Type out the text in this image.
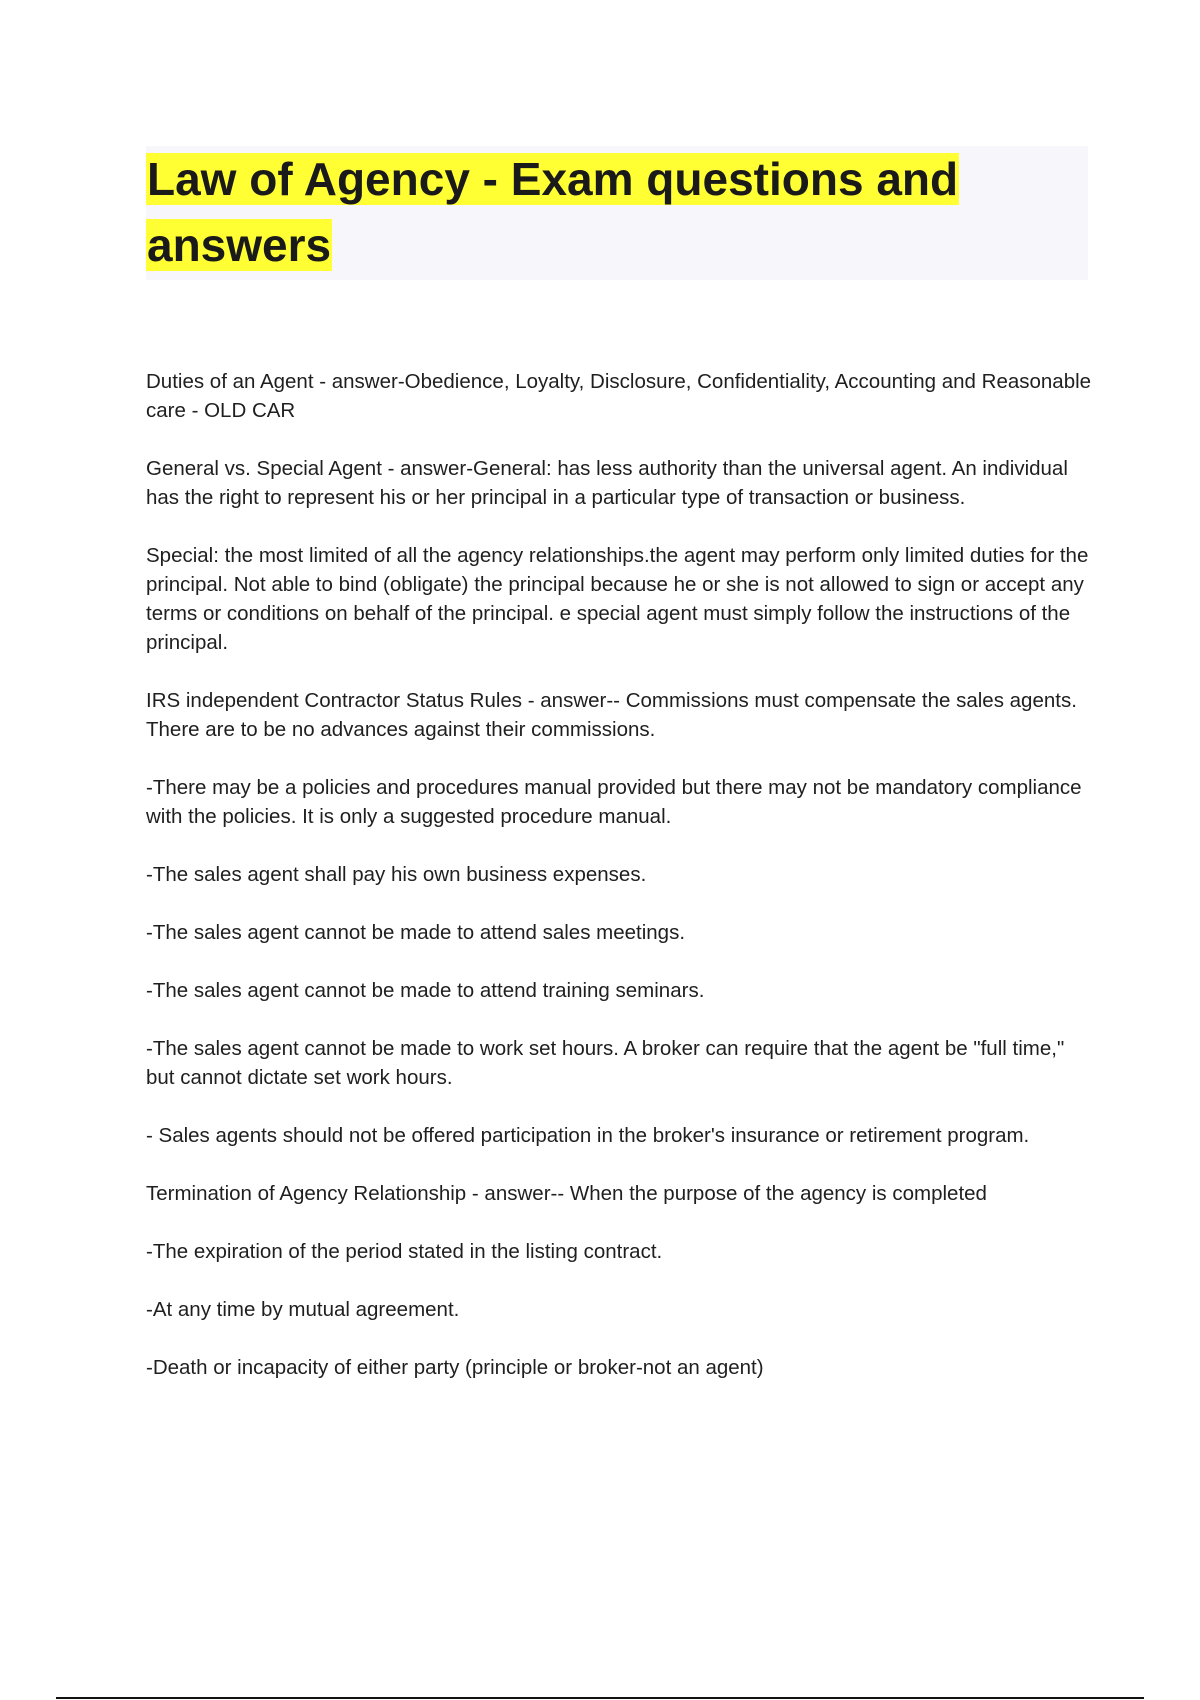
Law of Agency - Exam questions and
answers

Duties of an Agent - answer-Obedience, Loyalty, Disclosure, Confidentiality, Accounting and Reasonable care - OLD CAR

General vs. Special Agent - answer-General: has less authority than the universal agent. An individual has the right to represent his or her principal in a particular type of transaction or business.

Special: the most limited of all the agency relationships.the agent may perform only limited duties for the principal. Not able to bind (obligate) the principal because he or she is not allowed to sign or accept any terms or conditions on behalf of the principal. e special agent must simply follow the instructions of the principal.

IRS independent Contractor Status Rules - answer-- Commissions must compensate the sales agents. There are to be no advances against their commissions.

-There may be a policies and procedures manual provided but there may not be mandatory compliance with the policies. It is only a suggested procedure manual.

-The sales agent shall pay his own business expenses.

-The sales agent cannot be made to attend sales meetings.

-The sales agent cannot be made to attend training seminars.

-The sales agent cannot be made to work set hours. A broker can require that the agent be "full time," but cannot dictate set work hours.

- Sales agents should not be offered participation in the broker's insurance or retirement program.

Termination of Agency Relationship - answer-- When the purpose of the agency is completed

-The expiration of the period stated in the listing contract.

-At any time by mutual agreement.

-Death or incapacity of either party (principle or broker-not an agent)
